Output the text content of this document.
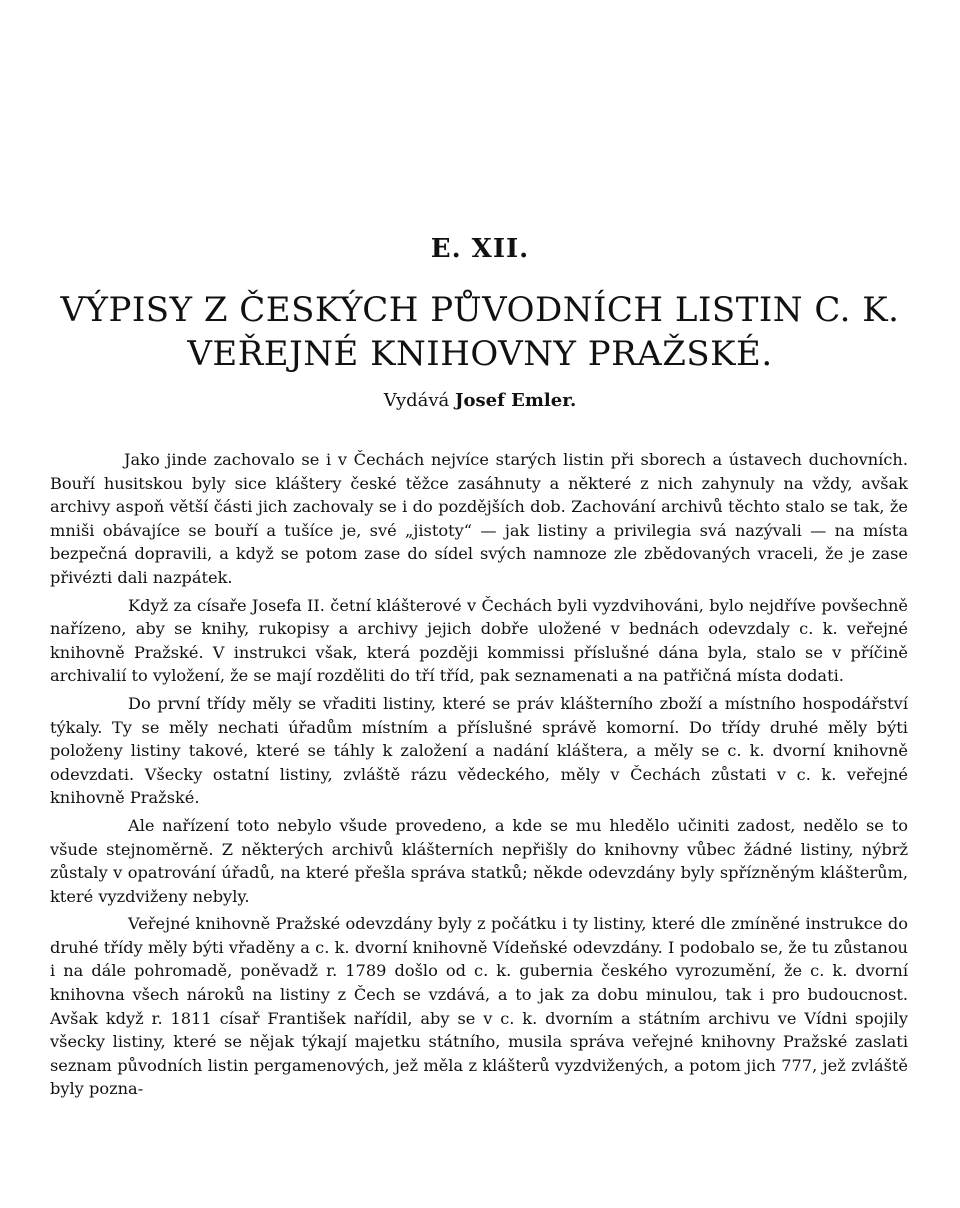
E. XII.
VÝPISY Z ČESKÝCH PŮVODNÍCH LISTIN C. K.
VEŘEJNÉ KNIHOVNY PRAŽSKÉ.
Vydává Josef Emler.

Jako jinde zachovalo se i v Čechách nejvíce starých listin při sborech a ústavech duchovních. Bouří husitskou byly sice kláštery české těžce zasáhnuty a některé z nich zahynuly na vždy, avšak archivy aspoň větší části jich zachovaly se i do pozdějších dob. Zachování archivů těchto stalo se tak, že mniši obávajíce se bouří a tušíce je, své „jistoty“ — jak listiny a privilegia svá nazývali — na místa bezpečná dopravili, a když se potom zase do sídel svých namnoze zle zbědovaných vraceli, že je zase přivézti dali nazpátek.

Když za císaře Josefa II. četní klášterové v Čechách byli vyzdvihováni, bylo nejdříve povšechně nařízeno, aby se knihy, rukopisy a archivy jejich dobře uložené v bednách odevzdaly c. k. veřejné knihovně Pražské. V instrukci však, která později kommissi příslušné dána byla, stalo se v příčině archivalií to vyložení, že se mají rozděliti do tří tříd, pak seznamenati a na patřičná místa dodati.

Do první třídy měly se vřaditi listiny, které se práv klášterního zboží a místního hospodářství týkaly. Ty se měly nechati úřadům místním a příslušné správě komorní. Do třídy druhé měly býti položeny listiny takové, které se táhly k založení a nadání kláštera, a měly se c. k. dvorní knihovně odevzdati. Všecky ostatní listiny, zvláště rázu vědeckého, měly v Čechách zůstati v c. k. veřejné knihovně Pražské.

Ale nařízení toto nebylo všude provedeno, a kde se mu hledělo učiniti zadost, nedělo se to všude stejnoměrně. Z některých archivů klášterních nepřišly do knihovny vůbec žádné listiny, nýbrž zůstaly v opatrování úřadů, na které přešla správa statků; někde odevzdány byly spřízněným klášterům, které vyzdviženy nebyly.

Veřejné knihovně Pražské odevzdány byly z počátku i ty listiny, které dle zmíněné instrukce do druhé třídy měly býti vřaděny a c. k. dvorní knihovně Vídeňské odevzdány. I podobalo se, že tu zůstanou i na dále pohromadě, poněvadž r. 1789 došlo od c. k. gubernia českého vyrozumění, že c. k. dvorní knihovna všech nároků na listiny z Čech se vzdává, a to jak za dobu minulou, tak i pro budoucnost. Avšak když r. 1811 císař František nařídil, aby se v c. k. dvorním a státním archivu ve Vídni spojily všecky listiny, které se nějak týkají majetku státního, musila správa veřejné knihovny Pražské zaslati seznam původních listin pergamenových, jež měla z klášterů vyzdvižených, a potom jich 777, jež zvláště byly pozna-
